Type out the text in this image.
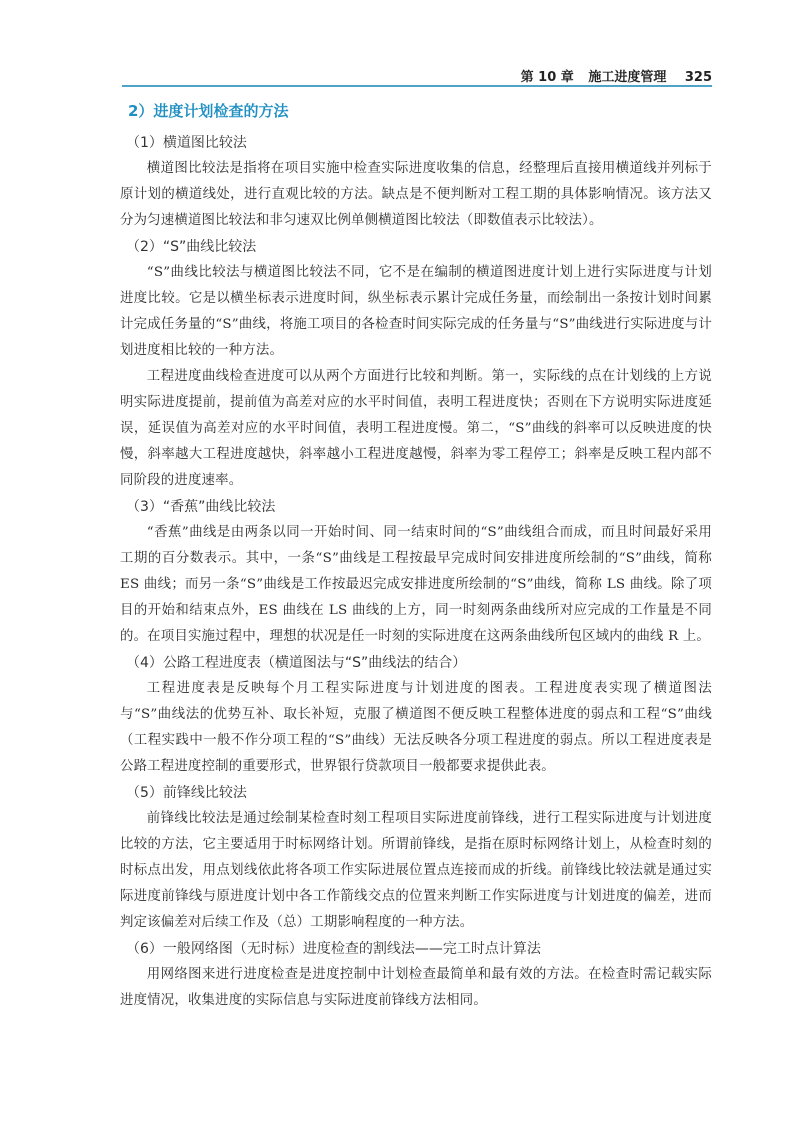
第 10 章 施工进度管理 325
2）进度计划检查的方法
（1）横道图比较法
横道图比较法是指将在项目实施中检查实际进度收集的信息，经整理后直接用横道线并列标于原计划的横道线处，进行直观比较的方法。缺点是不便判断对工程工期的具体影响情况。该方法又分为匀速横道图比较法和非匀速双比例单侧横道图比较法（即数值表示比较法）。
（2）“S”曲线比较法
“S”曲线比较法与横道图比较法不同，它不是在编制的横道图进度计划上进行实际进度与计划进度比较。它是以横坐标表示进度时间，纵坐标表示累计完成任务量，而绘制出一条按计划时间累计完成任务量的“S”曲线，将施工项目的各检查时间实际完成的任务量与“S”曲线进行实际进度与计划进度相比较的一种方法。
工程进度曲线检查进度可以从两个方面进行比较和判断。第一，实际线的点在计划线的上方说明实际进度提前，提前值为高差对应的水平时间值，表明工程进度快；否则在下方说明实际进度延误，延误值为高差对应的水平时间值，表明工程进度慢。第二，“S”曲线的斜率可以反映进度的快慢，斜率越大工程进度越快，斜率越小工程进度越慢，斜率为零工程停工；斜率是反映工程内部不同阶段的进度速率。
（3）“香蕉”曲线比较法
“香蕉”曲线是由两条以同一开始时间、同一结束时间的“S”曲线组合而成，而且时间最好采用工期的百分数表示。其中，一条“S”曲线是工程按最早完成时间安排进度所绘制的“S”曲线，简称 ES 曲线；而另一条“S”曲线是工作按最迟完成安排进度所绘制的“S”曲线，简称 LS 曲线。除了项目的开始和结束点外，ES 曲线在 LS 曲线的上方，同一时刻两条曲线所对应完成的工作量是不同的。在项目实施过程中，理想的状况是任一时刻的实际进度在这两条曲线所包区域内的曲线 R 上。
（4）公路工程进度表（横道图法与“S”曲线法的结合）
工程进度表是反映每个月工程实际进度与计划进度的图表。工程进度表实现了横道图法与“S”曲线法的优势互补、取长补短，克服了横道图不便反映工程整体进度的弱点和工程“S”曲线（工程实践中一般不作分项工程的“S”曲线）无法反映各分项工程进度的弱点。所以工程进度表是公路工程进度控制的重要形式，世界银行贷款项目一般都要求提供此表。
（5）前锋线比较法
前锋线比较法是通过绘制某检查时刻工程项目实际进度前锋线，进行工程实际进度与计划进度比较的方法，它主要适用于时标网络计划。所谓前锋线，是指在原时标网络计划上，从检查时刻的时标点出发，用点划线依此将各项工作实际进展位置点连接而成的折线。前锋线比较法就是通过实际进度前锋线与原进度计划中各工作箭线交点的位置来判断工作实际进度与计划进度的偏差，进而判定该偏差对后续工作及（总）工期影响程度的一种方法。
（6）一般网络图（无时标）进度检查的割线法——完工时点计算法
用网络图来进行进度检查是进度控制中计划检查最简单和最有效的方法。在检查时需记载实际进度情况，收集进度的实际信息与实际进度前锋线方法相同。
